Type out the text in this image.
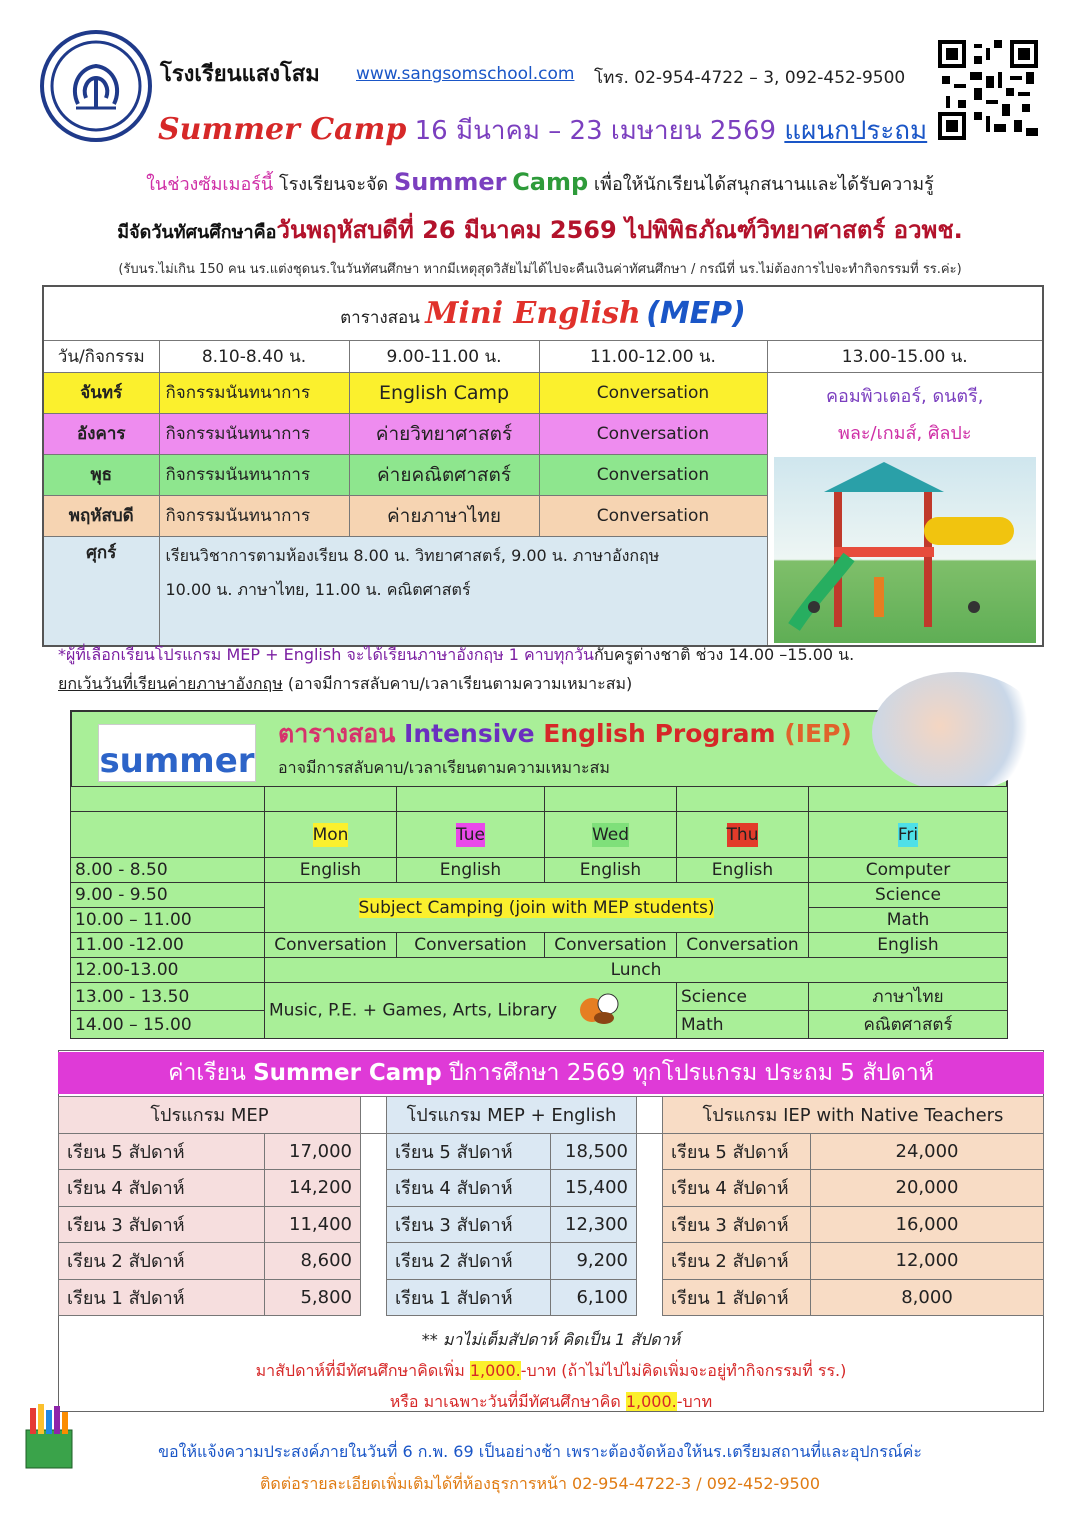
โรงเรียนแสงโสม www.sangsomschool.com โทร. 02-954-4722 – 3, 092-452-9500
Summer Camp 16 มีนาคม – 23 เมษายน 2569 แผนกประถม
ในช่วงซัมเมอร์นี้ โรงเรียนจะจัด Summer Camp เพื่อให้นักเรียนได้สนุกสนานและได้รับความรู้
มีจัดวันทัศนศึกษาคือวันพฤหัสบดีที่ 26 มีนาคม 2569 ไปพิพิธภัณฑ์วิทยาศาสตร์ อวพช.
(รับนร.ไม่เกิน 150 คน นร.แต่งชุดนร.ในวันทัศนศึกษา หากมีเหตุสุดวิสัยไม่ได้ไปจะคืนเงินค่าทัศนศึกษา / กรณีที่ นร.ไม่ต้องการไปจะทำกิจกรรมที่ รร.ค่ะ)
ตารางสอน Mini English (MEP)				
วัน/กิจกรรม	8.10-8.40 น.	9.00-11.00 น.	11.00-12.00 น.	13.00-15.00 น.
จันทร์	กิจกรรมนันทนาการ	English Camp	Conversation	คอมพิวเตอร์, ดนตรี,
พละ/เกมส์, ศิลปะ

อังคาร	กิจกรรมนันทนาการ	ค่ายวิทยาศาสตร์	Conversation	
พุธ	กิจกรรมนันทนาการ	ค่ายคณิตศาสตร์	Conversation	
พฤหัสบดี	กิจกรรมนันทนาการ	ค่ายภาษาไทย	Conversation	
ศุกร์	เรียนวิชาการตามห้องเรียน 8.00 น. วิทยาศาสตร์, 9.00 น. ภาษาอังกฤษ
10.00 น. ภาษาไทย, 11.00 น. คณิตศาสตร์			
*ผู้ที่เลือกเรียนโปรแกรม MEP + English จะได้เรียนภาษาอังกฤษ 1 คาบทุกวันกับครูต่างชาติ ช่วง 14.00 –15.00 น.
ยกเว้นวันที่เรียนค่ายภาษาอังกฤษ (อาจมีการสลับคาบ/เวลาเรียนตามความเหมาะสม)
summer
ตารางสอน Intensive English Program (IEP)
อาจมีการสลับคาบ/เวลาเรียนตามความเหมาะสม

	Mon	Tue	Wed	Thu	Fri
8.00 - 8.50	English	English	English	English	Computer
9.00 - 9.50	Subject Camping (join with MEP students)				Science
10.00 – 11.00					Math
11.00 -12.00	Conversation	Conversation	Conversation	Conversation	English
12.00-13.00	Lunch				
13.00 - 13.50	Music, P.E. + Games, Arts, Library			Science	ภาษาไทย
14.00 – 15.00				Math	คณิตศาสตร์
ค่าเรียน Summer Camp ปีการศึกษา 2569 ทุกโปรแกรม ประถม 5 สัปดาห์
โปรแกรม MEP			โปรแกรม MEP + English			โปรแกรม IEP with Native Teachers	
เรียน 5 สัปดาห์	17,000		เรียน 5 สัปดาห์	18,500		เรียน 5 สัปดาห์	24,000
เรียน 4 สัปดาห์	14,200		เรียน 4 สัปดาห์	15,400		เรียน 4 สัปดาห์	20,000
เรียน 3 สัปดาห์	11,400		เรียน 3 สัปดาห์	12,300		เรียน 3 สัปดาห์	16,000
เรียน 2 สัปดาห์	8,600		เรียน 2 สัปดาห์	9,200		เรียน 2 สัปดาห์	12,000
เรียน 1 สัปดาห์	5,800		เรียน 1 สัปดาห์	6,100		เรียน 1 สัปดาห์	8,000
** มาไม่เต็มสัปดาห์ คิดเป็น 1 สัปดาห์
มาสัปดาห์ที่มีทัศนศึกษาคิดเพิ่ม 1,000.-บาท (ถ้าไม่ไปไม่คิดเพิ่มจะอยู่ทำกิจกรรมที่ รร.)
หรือ มาเฉพาะวันที่มีทัศนศึกษาคิด 1,000.-บาท
ขอให้แจ้งความประสงค์ภายในวันที่ 6 ก.พ. 69 เป็นอย่างช้า เพราะต้องจัดห้องให้นร.เตรียมสถานที่และอุปกรณ์ค่ะ
ติดต่อรายละเอียดเพิ่มเติมได้ที่ห้องธุรการหน้า 02-954-4722-3 / 092-452-9500
